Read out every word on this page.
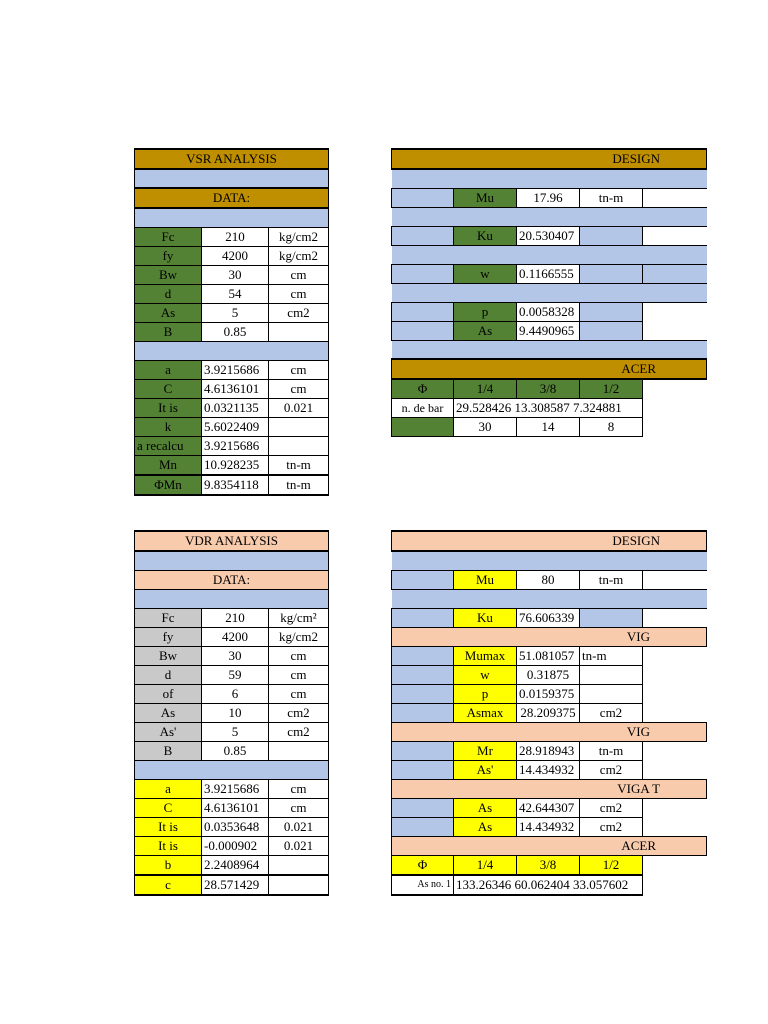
VSR ANALYSIS		

DATA:		

Fc	210	kg/cm2
fy	4200	kg/cm2
Bw	30	cm
d	54	cm
As	5	cm2
B	0.85	

a	3.9215686	cm
C	4.6136101	cm
It is	0.0321135	0.021
k	5.6022409	
a recalcu	3.9215686	
Mn	10.928235	tn-m
ΦMn	9.8354118	tn-m
DESIGN				

	Mu	17.96	tn-m	

	Ku	20.530407		

	w	0.1166555		

	p	0.0058328		
	As	9.4490965		

ACER				
Φ	1/4	3/8	1/2	
n. de bar	29.528426 13.308587 7.324881			
	30	14	8	
VDR ANALYSIS		

DATA:		

Fc	210	kg/cm²
fy	4200	kg/cm2
Bw	30	cm
d	59	cm
of	6	cm
As	10	cm2
As'	5	cm2
B	0.85	

a	3.9215686	cm
C	4.6136101	cm
It is	0.0353648	0.021
It is	-0.000902	0.021
b	2.2408964	
c	28.571429	
DESIGN				

	Mu	80	tn-m	

	Ku	76.606339		
VIG				
	Mumax	51.081057	tn-m	
	w	0.31875		
	p	0.0159375		
	Asmax	28.209375	cm2	
VIG				
	Mr	28.918943	tn-m	
	As'	14.434932	cm2	
VIGA T				
	As	42.644307	cm2	
	As	14.434932	cm2	
ACER				
Φ	1/4	3/8	1/2	
As no. 1	133.26346 60.062404 33.057602			
